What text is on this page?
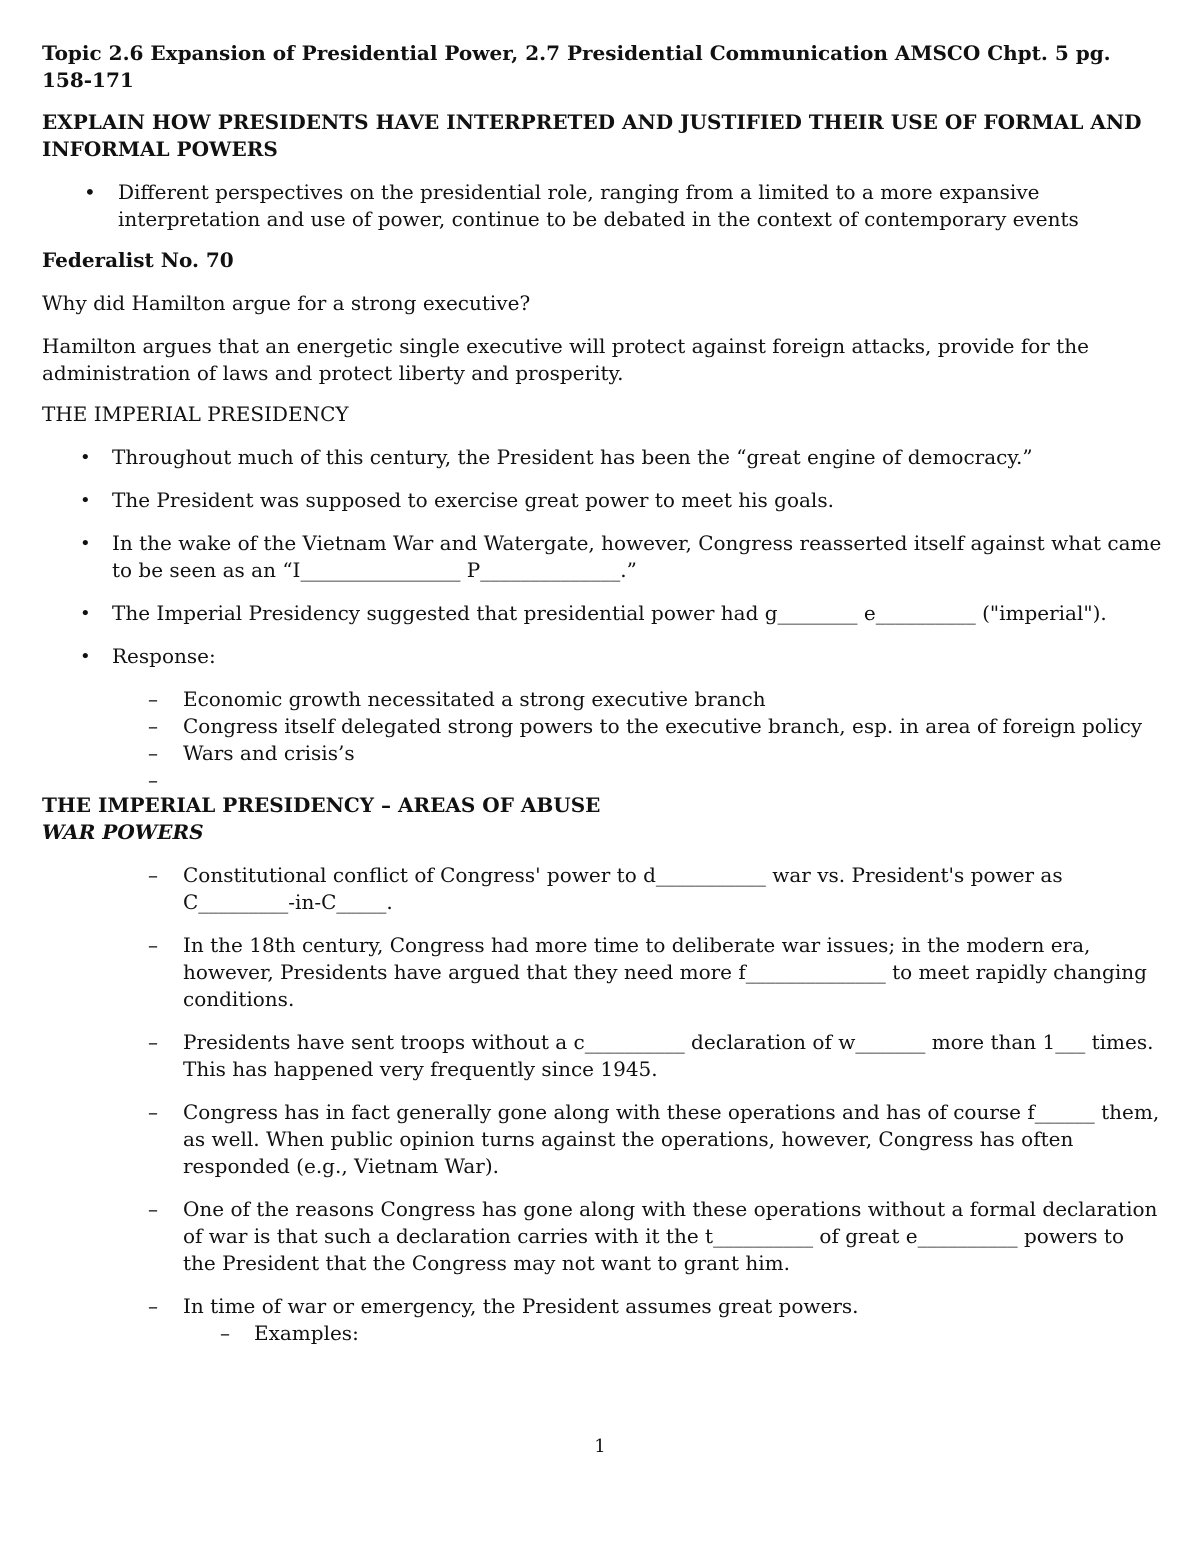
Topic 2.6 Expansion of Presidential Power, 2.7 Presidential Communication AMSCO Chpt. 5 pg. 158-171

EXPLAIN HOW PRESIDENTS HAVE INTERPRETED AND JUSTIFIED THEIR USE OF FORMAL AND INFORMAL POWERS

•	Different perspectives on the presidential role, ranging from a limited to a more expansive interpretation and use of power, continue to be debated in the context of contemporary events

Federalist No. 70

Why did Hamilton argue for a strong executive?

Hamilton argues that an energetic single executive will protect against foreign attacks, provide for the administration of laws and protect liberty and prosperity.

THE IMPERIAL PRESIDENCY

•	Throughout much of this century, the President has been the “great engine of democracy.”
•	The President was supposed to exercise great power to meet his goals.
•	In the wake of the Vietnam War and Watergate, however, Congress reasserted itself against what came to be seen as an “I________________ P______________.”
•	The Imperial Presidency suggested that presidential power had g________ e__________ ("imperial").
•	Response:
–	Economic growth necessitated a strong executive branch
–	Congress itself delegated strong powers to the executive branch, esp. in area of foreign policy
–	Wars and crisis’s
–

THE IMPERIAL PRESIDENCY – AREAS OF ABUSE

WAR POWERS

–	Constitutional conflict of Congress' power to d___________ war vs. President's power as C_________-in-C_____.
–	In the 18th century, Congress had more time to deliberate war issues; in the modern era, however, Presidents have argued that they need more f______________ to meet rapidly changing conditions.
–	Presidents have sent troops without a c__________ declaration of w_______ more than 1___ times. This has happened very frequently since 1945.
–	Congress has in fact generally gone along with these operations and has of course f______ them, as well. When public opinion turns against the operations, however, Congress has often responded (e.g., Vietnam War).
–	One of the reasons Congress has gone along with these operations without a formal declaration of war is that such a declaration carries with it the t__________ of great e__________ powers to the President that the Congress may not want to grant him.
–	In time of war or emergency, the President assumes great powers.
–	Examples:
1
